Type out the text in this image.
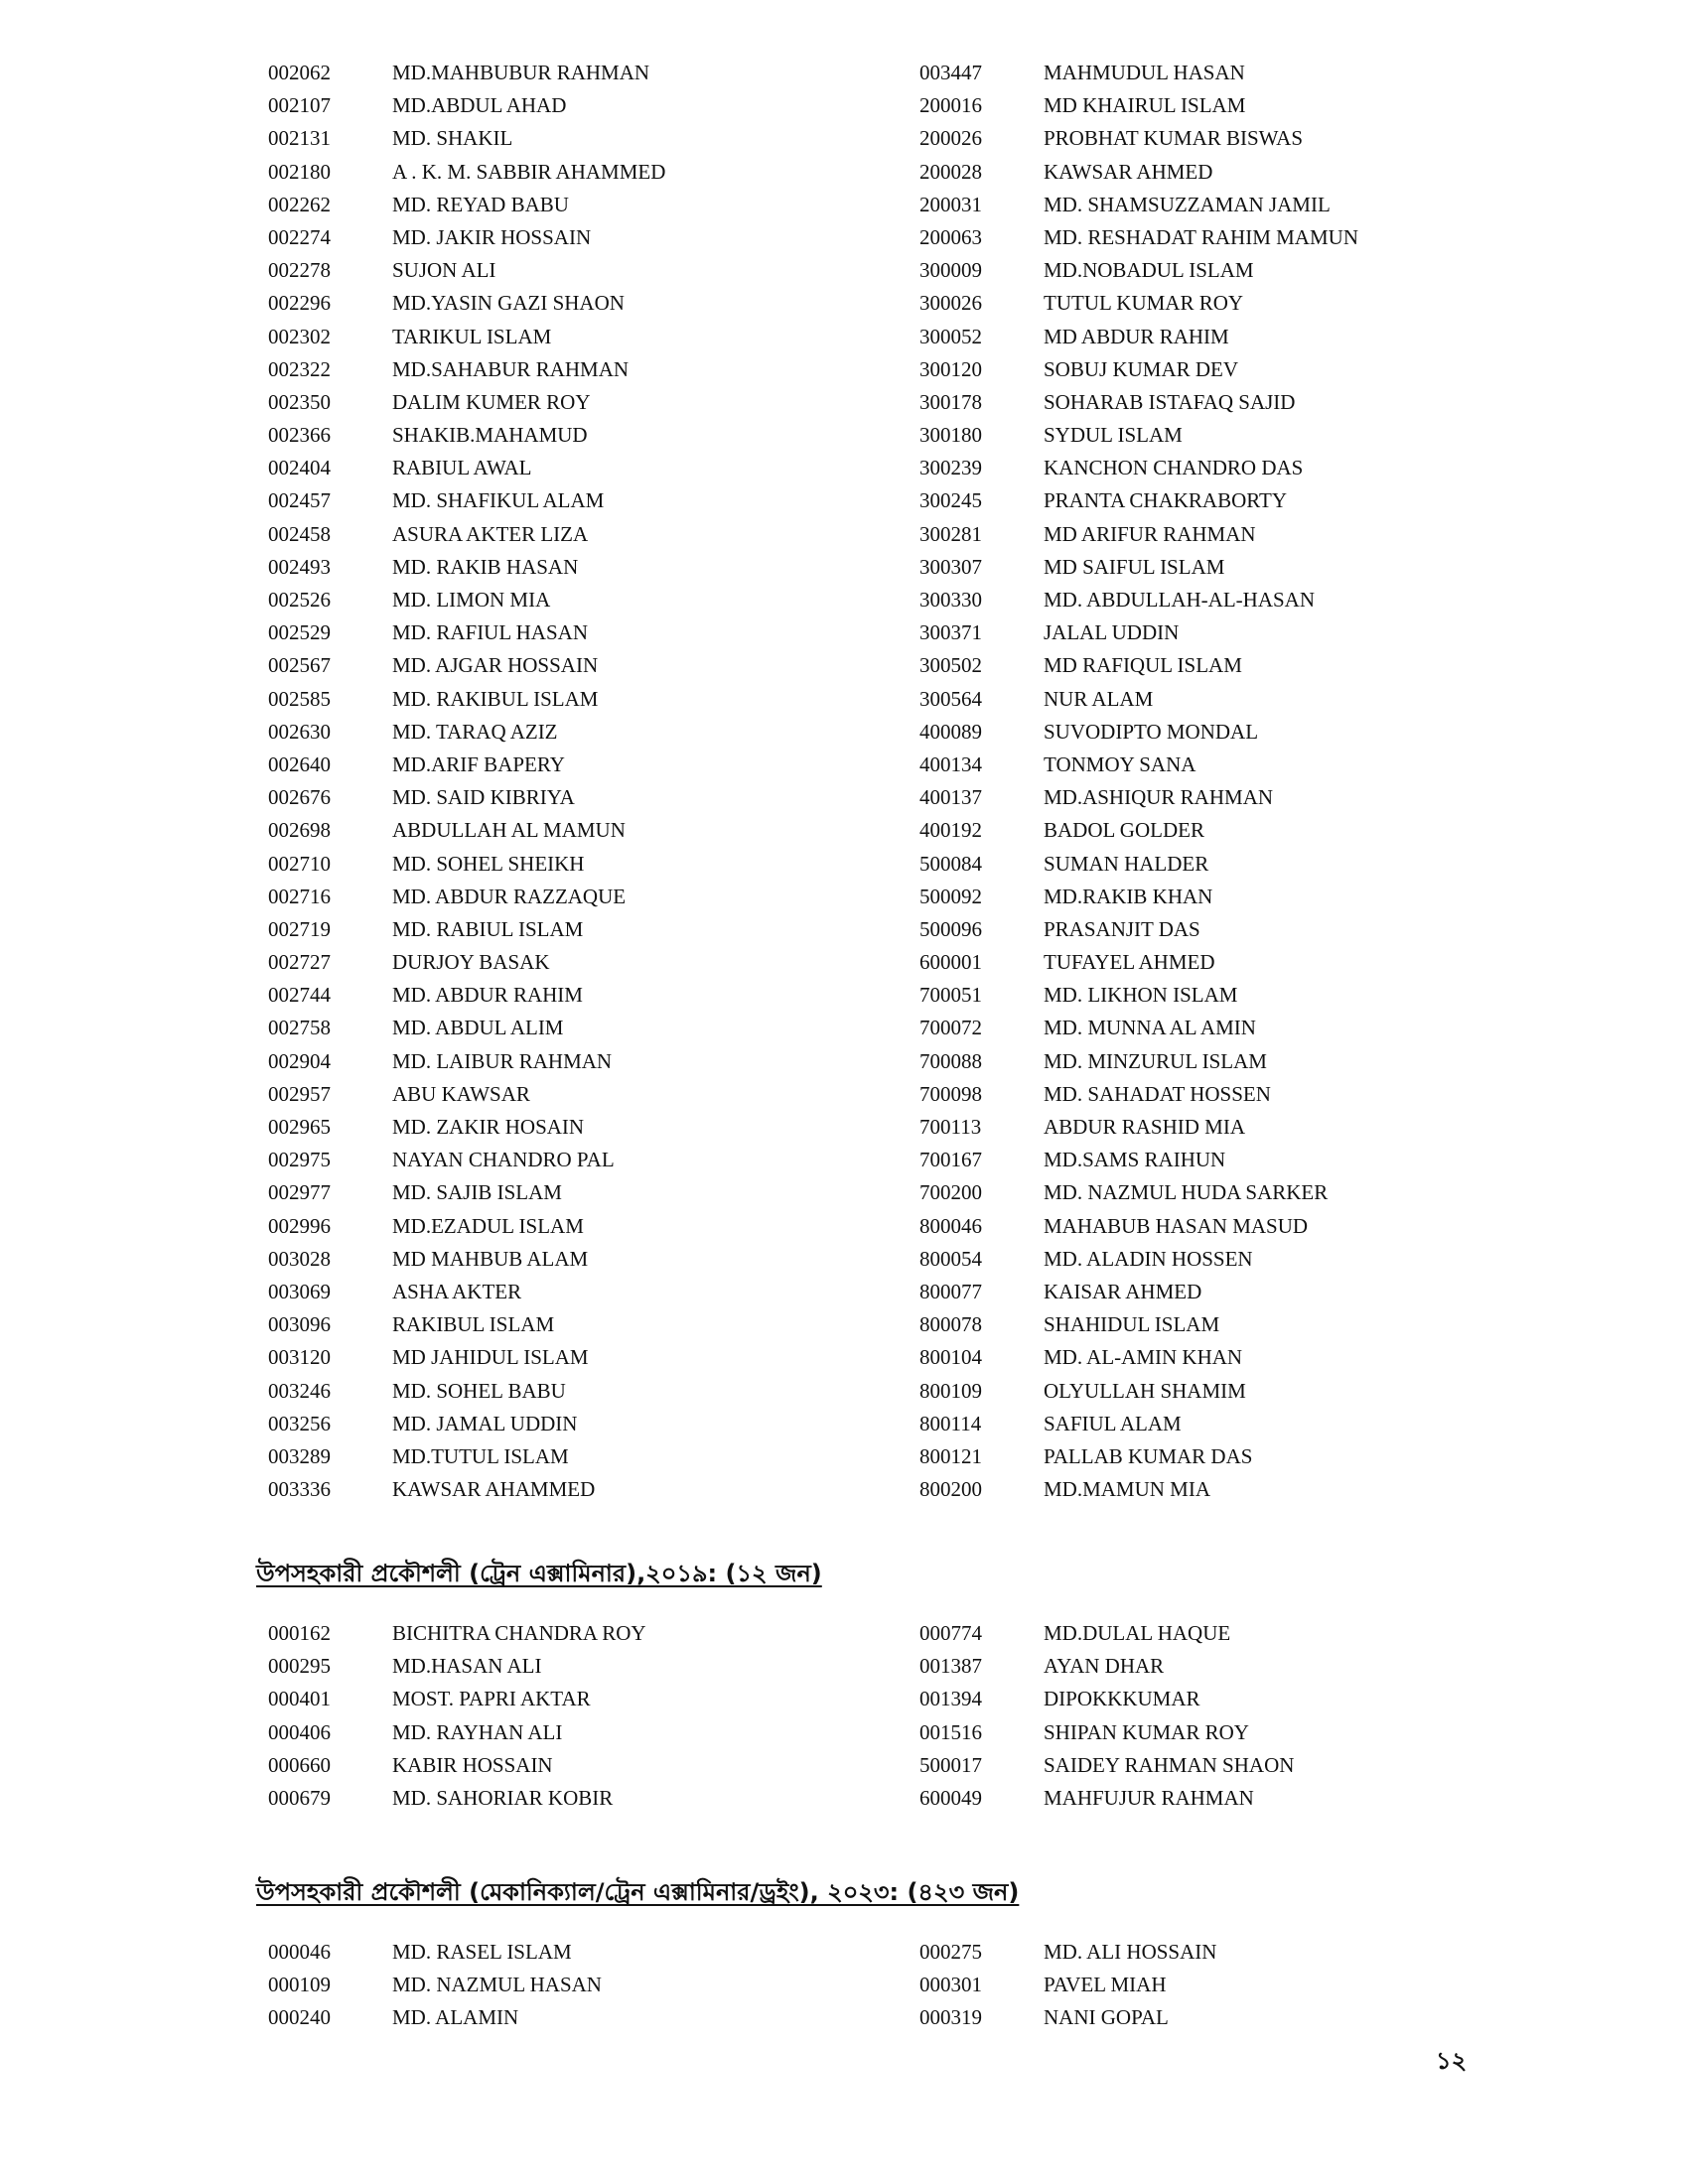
002062	MD.MAHBUBUR RAHMAN	003447	MAHMUDUL HASAN
002107	MD.ABDUL AHAD	200016	MD KHAIRUL ISLAM
002131	MD. SHAKIL	200026	PROBHAT KUMAR BISWAS
002180	A . K. M. SABBIR AHAMMED	200028	KAWSAR AHMED
002262	MD. REYAD BABU	200031	MD. SHAMSUZZAMAN JAMIL
002274	MD. JAKIR HOSSAIN	200063	MD. RESHADAT RAHIM MAMUN
002278	SUJON ALI	300009	MD.NOBADUL ISLAM
002296	MD.YASIN GAZI SHAON	300026	TUTUL KUMAR ROY
002302	TARIKUL ISLAM	300052	MD ABDUR RAHIM
002322	MD.SAHABUR RAHMAN	300120	SOBUJ KUMAR DEV
002350	DALIM KUMER ROY	300178	SOHARAB ISTAFAQ SAJID
002366	SHAKIB.MAHAMUD	300180	SYDUL ISLAM
002404	RABIUL AWAL	300239	KANCHON CHANDRO DAS
002457	MD. SHAFIKUL ALAM	300245	PRANTA CHAKRABORTY
002458	ASURA AKTER LIZA	300281	MD ARIFUR RAHMAN
002493	MD. RAKIB HASAN	300307	MD SAIFUL ISLAM
002526	MD. LIMON MIA	300330	MD. ABDULLAH-AL-HASAN
002529	MD. RAFIUL HASAN	300371	JALAL UDDIN
002567	MD. AJGAR HOSSAIN	300502	MD RAFIQUL ISLAM
002585	MD. RAKIBUL ISLAM	300564	NUR ALAM
002630	MD. TARAQ AZIZ	400089	SUVODIPTO MONDAL
002640	MD.ARIF BAPERY	400134	TONMOY SANA
002676	MD. SAID KIBRIYA	400137	MD.ASHIQUR RAHMAN
002698	ABDULLAH AL MAMUN	400192	BADOL GOLDER
002710	MD. SOHEL SHEIKH	500084	SUMAN HALDER
002716	MD. ABDUR RAZZAQUE	500092	MD.RAKIB KHAN
002719	MD. RABIUL ISLAM	500096	PRASANJIT DAS
002727	DURJOY BASAK	600001	TUFAYEL AHMED
002744	MD. ABDUR RAHIM	700051	MD. LIKHON ISLAM
002758	MD. ABDUL ALIM	700072	MD. MUNNA AL AMIN
002904	MD. LAIBUR RAHMAN	700088	MD. MINZURUL ISLAM
002957	ABU KAWSAR	700098	MD. SAHADAT HOSSEN
002965	MD. ZAKIR HOSAIN	700113	ABDUR RASHID MIA
002975	NAYAN CHANDRO PAL	700167	MD.SAMS RAIHUN
002977	MD. SAJIB ISLAM	700200	MD. NAZMUL HUDA SARKER
002996	MD.EZADUL ISLAM	800046	MAHABUB HASAN MASUD
003028	MD MAHBUB ALAM	800054	MD. ALADIN HOSSEN
003069	ASHA AKTER	800077	KAISAR AHMED
003096	RAKIBUL ISLAM	800078	SHAHIDUL ISLAM
003120	MD JAHIDUL ISLAM	800104	MD. AL-AMIN KHAN
003246	MD. SOHEL BABU	800109	OLYULLAH SHAMIM
003256	MD. JAMAL UDDIN	800114	SAFIUL ALAM
003289	MD.TUTUL ISLAM	800121	PALLAB KUMAR DAS
003336	KAWSAR AHAMMED	800200	MD.MAMUN MIA
উপসহকারী প্রকৌশলী (ট্রেন এক্সামিনার),২০১৯: (১২ জন)
000162	BICHITRA CHANDRA ROY	000774	MD.DULAL HAQUE
000295	MD.HASAN ALI	001387	AYAN DHAR
000401	MOST. PAPRI AKTAR	001394	DIPOKKKUMAR
000406	MD. RAYHAN ALI	001516	SHIPAN KUMAR ROY
000660	KABIR HOSSAIN	500017	SAIDEY RAHMAN SHAON
000679	MD. SAHORIAR KOBIR	600049	MAHFUJUR RAHMAN
উপসহকারী প্রকৌশলী (মেকানিক্যাল/ট্রেন এক্সামিনার/ড্রইং), ২০২৩: (৪২৩ জন)
000046	MD. RASEL ISLAM	000275	MD. ALI HOSSAIN
000109	MD. NAZMUL HASAN	000301	PAVEL MIAH
000240	MD. ALAMIN	000319	NANI GOPAL
১২
